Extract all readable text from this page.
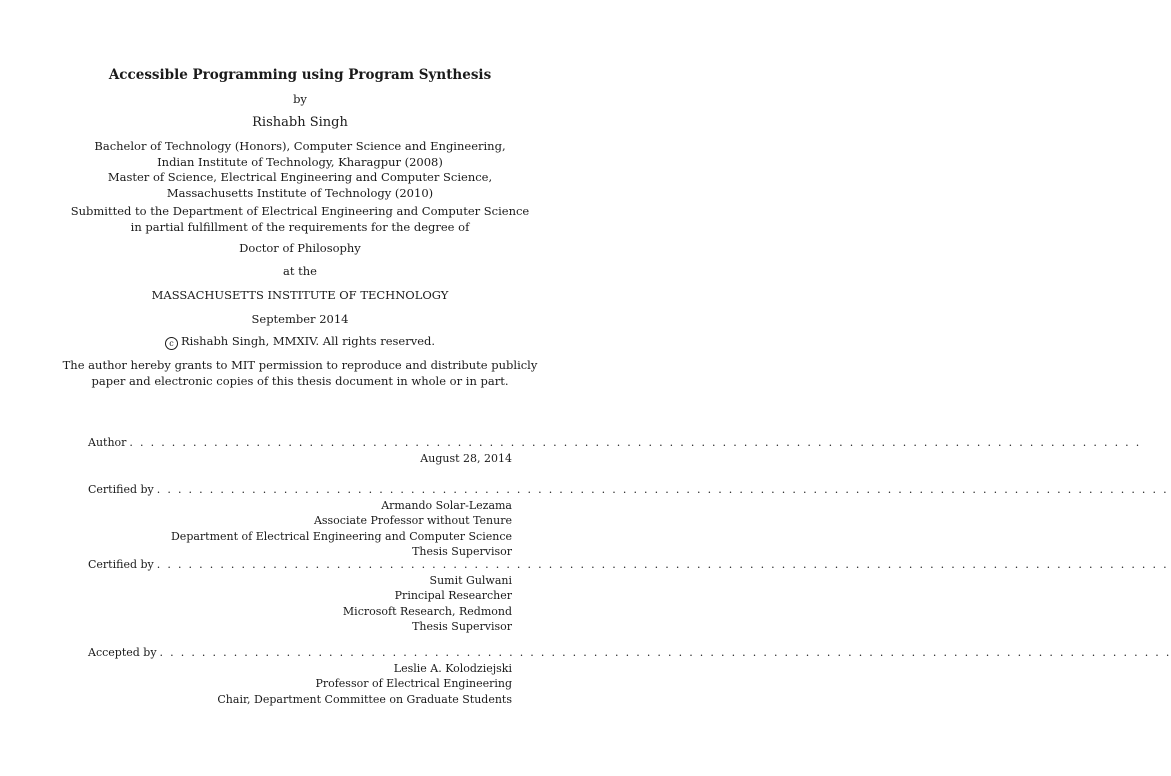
Accessible Programming using Program Synthesis
by
Rishabh Singh
Bachelor of Technology (Honors), Computer Science and Engineering,
Indian Institute of Technology, Kharagpur (2008)
Master of Science, Electrical Engineering and Computer Science,
Massachusetts Institute of Technology (2010)
Submitted to the Department of Electrical Engineering and Computer Science
in partial fulfillment of the requirements for the degree of
Doctor of Philosophy
at the
MASSACHUSETTS INSTITUTE OF TECHNOLOGY
September 2014
c Rishabh Singh, MMXIV. All rights reserved.
The author hereby grants to MIT permission to reproduce and distribute publicly
paper and electronic copies of this thesis document in whole or in part.
Author . . . . . . . . . . . . . . . . . . . . . . . . . . . . . . . . . . . . . . . . . . . . . . . . . . . . . . . . . . . . . . . . . . . . . . . . . . . . . . . . . . . . . . . . . . . . . . . .
August 28, 2014
Certified by . . . . . . . . . . . . . . . . . . . . . . . . . . . . . . . . . . . . . . . . . . . . . . . . . . . . . . . . . . . . . . . . . . . . . . . . . . . . . . . . . . . . . . . . . . . . . . . .
Armando Solar-Lezama
Associate Professor without Tenure
Department of Electrical Engineering and Computer Science
Thesis Supervisor
Certified by . . . . . . . . . . . . . . . . . . . . . . . . . . . . . . . . . . . . . . . . . . . . . . . . . . . . . . . . . . . . . . . . . . . . . . . . . . . . . . . . . . . . . . . . . . . . . . . .
Sumit Gulwani
Principal Researcher
Microsoft Research, Redmond
Thesis Supervisor
Accepted by . . . . . . . . . . . . . . . . . . . . . . . . . . . . . . . . . . . . . . . . . . . . . . . . . . . . . . . . . . . . . . . . . . . . . . . . . . . . . . . . . . . . . . . . . . . . . . . .
Leslie A. Kolodziejski
Professor of Electrical Engineering
Chair, Department Committee on Graduate Students
